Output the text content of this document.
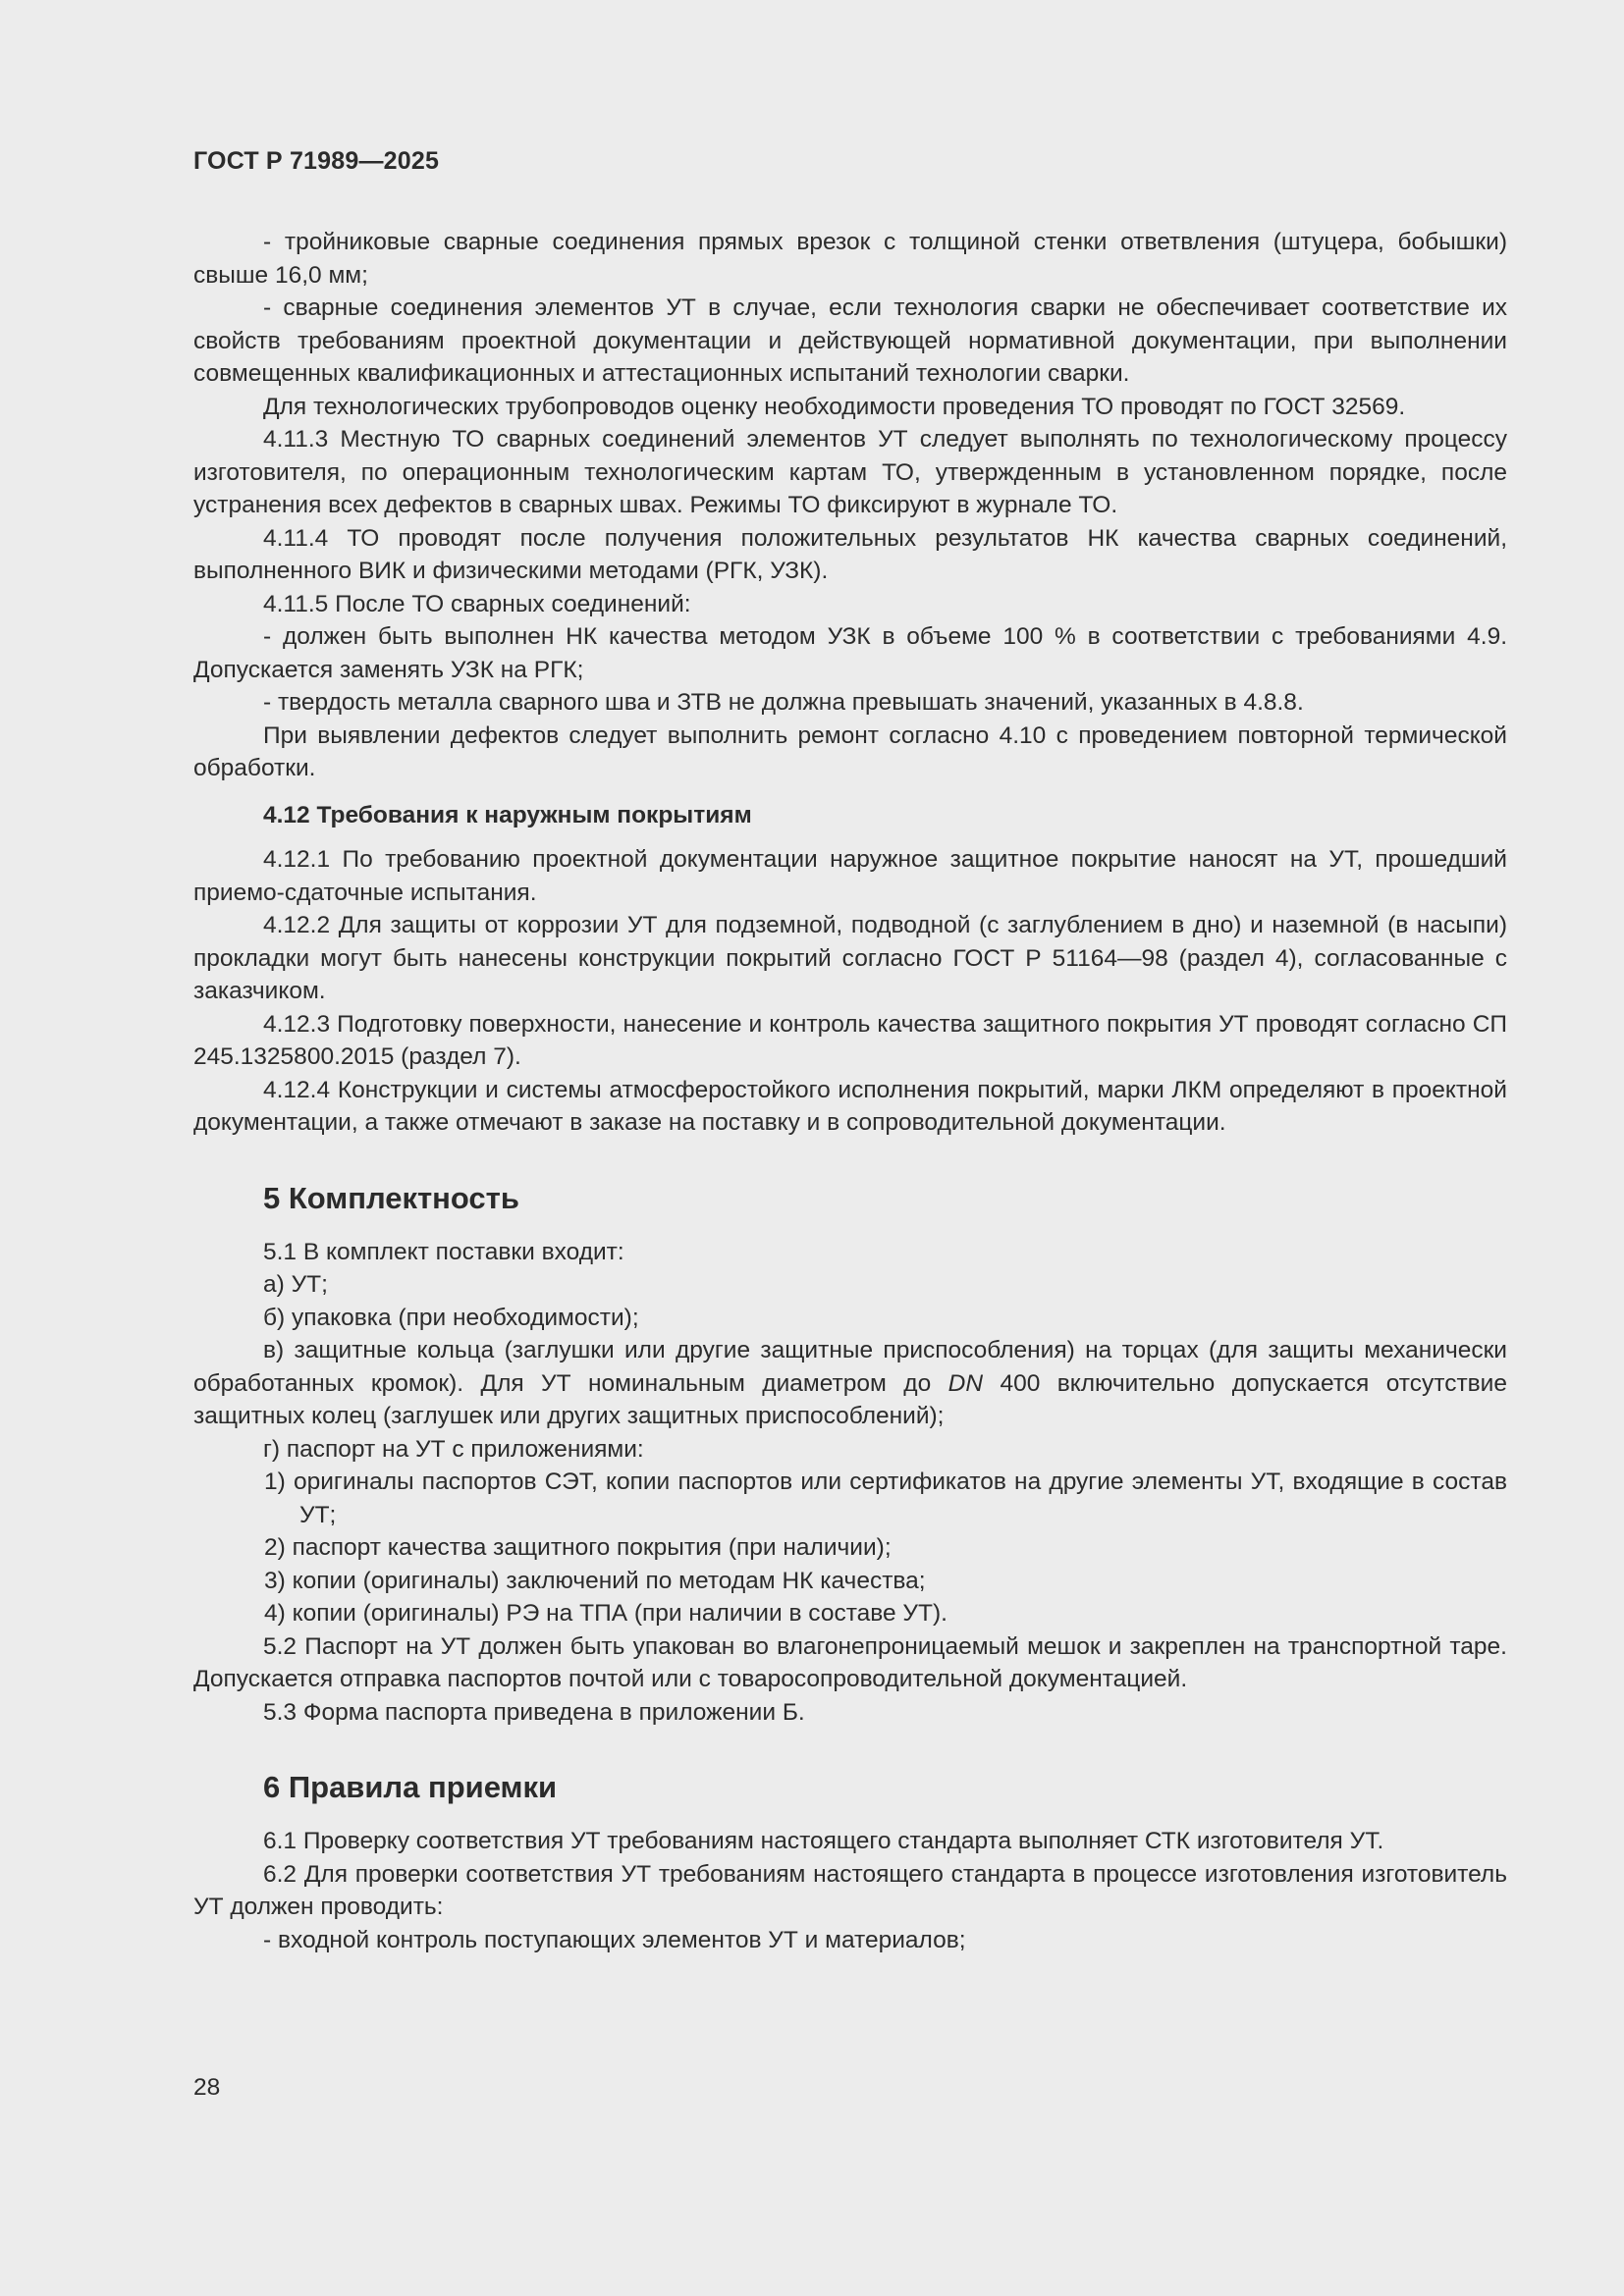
ГОСТ Р 71989—2025

- тройниковые сварные соединения прямых врезок с толщиной стенки ответвления (штуцера, бобышки) свыше 16,0 мм;

- сварные соединения элементов УТ в случае, если технология сварки не обеспечивает соответствие их свойств требованиям проектной документации и действующей нормативной документации, при выполнении совмещенных квалификационных и аттестационных испытаний технологии сварки.

Для технологических трубопроводов оценку необходимости проведения ТО проводят по ГОСТ 32569.

4.11.3 Местную ТО сварных соединений элементов УТ следует выполнять по технологическому процессу изготовителя, по операционным технологическим картам ТО, утвержденным в установленном порядке, после устранения всех дефектов в сварных швах. Режимы ТО фиксируют в журнале ТО.

4.11.4 ТО проводят после получения положительных результатов НК качества сварных соединений, выполненного ВИК и физическими методами (РГК, УЗК).

4.11.5 После ТО сварных соединений:

- должен быть выполнен НК качества методом УЗК в объеме 100 % в соответствии с требованиями 4.9. Допускается заменять УЗК на РГК;

- твердость металла сварного шва и ЗТВ не должна превышать значений, указанных в 4.8.8.

При выявлении дефектов следует выполнить ремонт согласно 4.10 с проведением повторной термической обработки.

4.12 Требования к наружным покрытиям

4.12.1 По требованию проектной документации наружное защитное покрытие наносят на УТ, прошедший приемо-сдаточные испытания.

4.12.2 Для защиты от коррозии УТ для подземной, подводной (с заглублением в дно) и наземной (в насыпи) прокладки могут быть нанесены конструкции покрытий согласно ГОСТ Р 51164—98 (раздел 4), согласованные с заказчиком.

4.12.3 Подготовку поверхности, нанесение и контроль качества защитного покрытия УТ проводят согласно СП 245.1325800.2015 (раздел 7).

4.12.4 Конструкции и системы атмосферостойкого исполнения покрытий, марки ЛКМ определяют в проектной документации, а также отмечают в заказе на поставку и в сопроводительной документации.

5 Комплектность

5.1 В комплект поставки входит:

а) УТ;

б) упаковка (при необходимости);

в) защитные кольца (заглушки или другие защитные приспособления) на торцах (для защиты механически обработанных кромок). Для УТ номинальным диаметром до DN 400 включительно допускается отсутствие защитных колец (заглушек или других защитных приспособлений);

г) паспорт на УТ с приложениями:

1) оригиналы паспортов СЭТ, копии паспортов или сертификатов на другие элементы УТ, входящие в состав УТ;

2) паспорт качества защитного покрытия (при наличии);

3) копии (оригиналы) заключений по методам НК качества;

4) копии (оригиналы) РЭ на ТПА (при наличии в составе УТ).

5.2 Паспорт на УТ должен быть упакован во влагонепроницаемый мешок и закреплен на транспортной таре. Допускается отправка паспортов почтой или с товаросопроводительной документацией.

5.3 Форма паспорта приведена в приложении Б.

6 Правила приемки

6.1 Проверку соответствия УТ требованиям настоящего стандарта выполняет СТК изготовителя УТ.

6.2 Для проверки соответствия УТ требованиям настоящего стандарта в процессе изготовления изготовитель УТ должен проводить:

- входной контроль поступающих элементов УТ и материалов;

28
